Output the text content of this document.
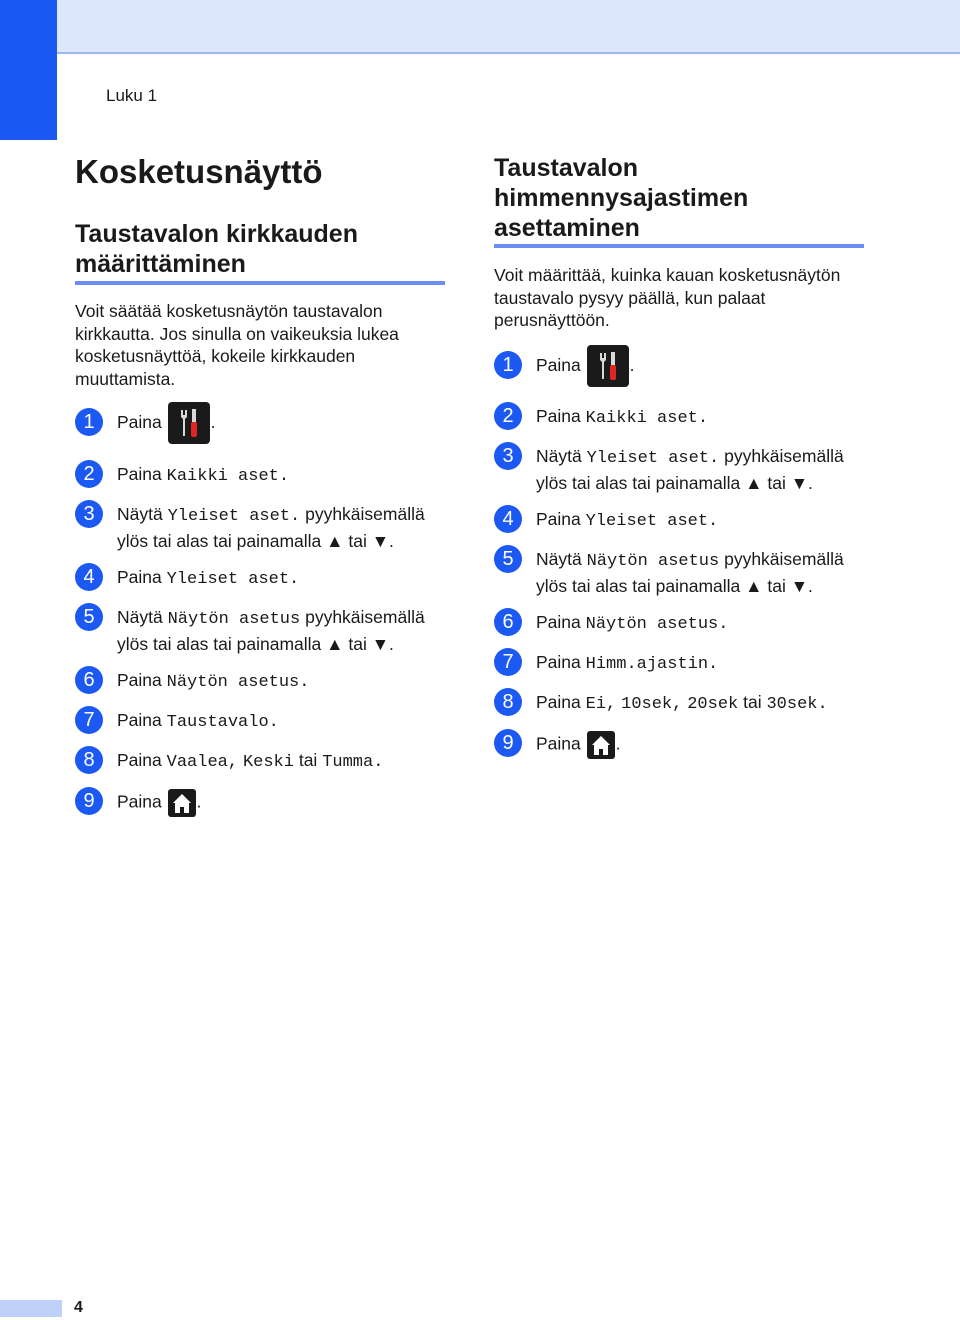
Luku 1
Kosketusnäyttö
Taustavalon kirkkauden
määrittäminen
Voit säätää kosketusnäytön taustavalon
kirkkautta. Jos sinulla on vaikeuksia lukea
kosketusnäyttöä, kokeile kirkkauden
muuttamista.
1	Paina	.
2	Paina Kaikki aset.
3	Näytä Yleiset aset. pyyhkäisemällä
ylös tai alas tai painamalla ▲ tai ▼.
4	Paina Yleiset aset.
5	Näytä Näytön asetus pyyhkäisemällä
ylös tai alas tai painamalla ▲ tai ▼.
6	Paina Näytön asetus.
7	Paina Taustavalo.
8	Paina Vaalea, Keski tai Tumma.
9	Paina .
Taustavalon
himmennysajastimen
asettaminen
Voit määrittää, kuinka kauan kosketusnäytön
taustavalo pysyy päällä, kun palaat
perusnäyttöön.
1	Paina	.
2	Paina Kaikki aset.
3	Näytä Yleiset aset. pyyhkäisemällä
ylös tai alas tai painamalla ▲ tai ▼.
4	Paina Yleiset aset.
5	Näytä Näytön asetus pyyhkäisemällä
ylös tai alas tai painamalla ▲ tai ▼.
6	Paina Näytön asetus.
7	Paina Himm.ajastin.
8	Paina Ei, 10sek, 20sek tai 30sek.
9	Paina .
4
